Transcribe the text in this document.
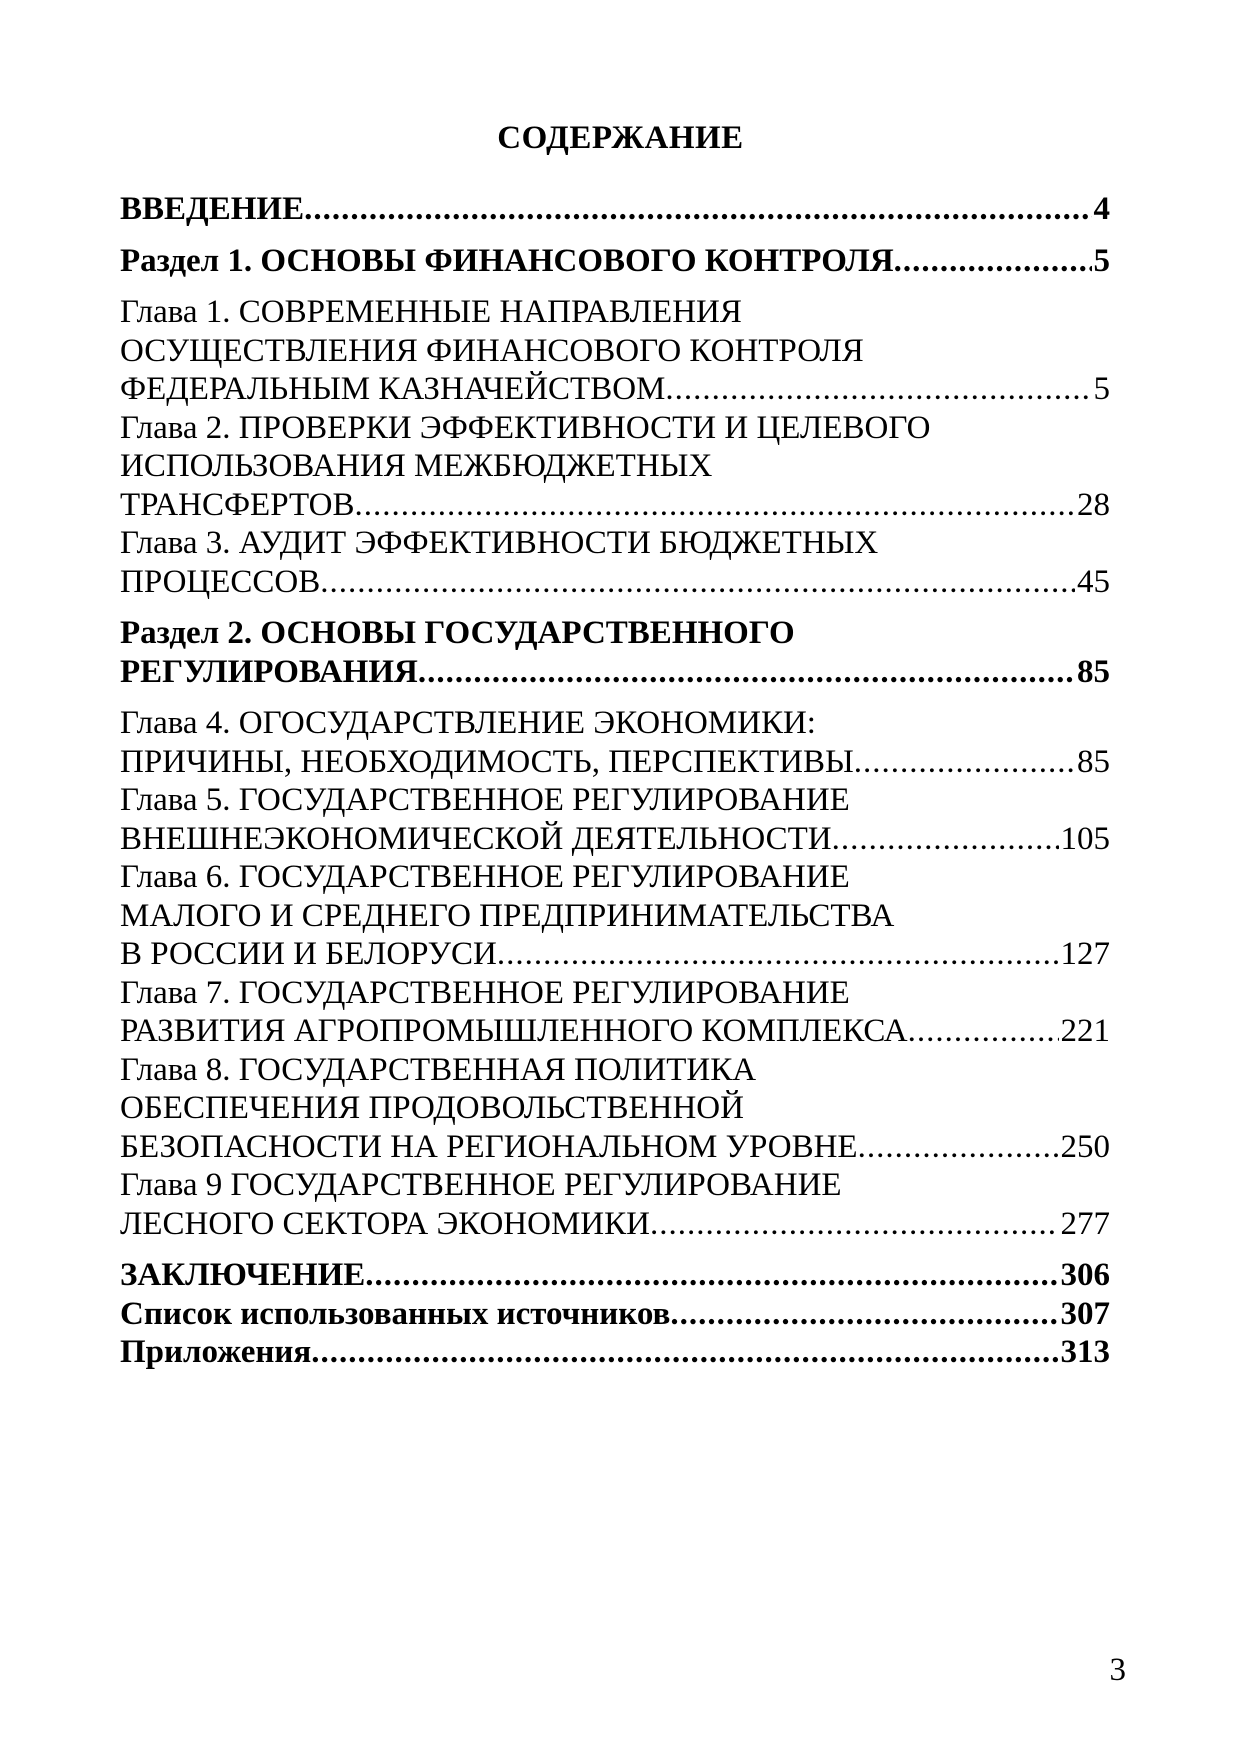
СОДЕРЖАНИЕ
ВВЕДЕНИЕ .....	4
Раздел 1. ОСНОВЫ ФИНАНСОВОГО КОНТРОЛЯ .....	5
Глава 1. СОВРЕМЕННЫЕ НАПРАВЛЕНИЯ
ОСУЩЕСТВЛЕНИЯ ФИНАНСОВОГО КОНТРОЛЯ
ФЕДЕРАЛЬНЫМ КАЗНАЧЕЙСТВОМ .....	5
Глава 2. ПРОВЕРКИ ЭФФЕКТИВНОСТИ И ЦЕЛЕВОГО
ИСПОЛЬЗОВАНИЯ МЕЖБЮДЖЕТНЫХ
ТРАНСФЕРТОВ .....	28
Глава 3. АУДИТ ЭФФЕКТИВНОСТИ БЮДЖЕТНЫХ
ПРОЦЕССОВ .....	45
Раздел 2. ОСНОВЫ ГОСУДАРСТВЕННОГО
РЕГУЛИРОВАНИЯ .....	85
Глава 4. ОГОСУДАРСТВЛЕНИЕ ЭКОНОМИКИ:
ПРИЧИНЫ, НЕОБХОДИМОСТЬ, ПЕРСПЕКТИВЫ .....	85
Глава 5. ГОСУДАРСТВЕННОЕ РЕГУЛИРОВАНИЕ
ВНЕШНЕЭКОНОМИЧЕСКОЙ ДЕЯТЕЛЬНОСТИ .....	105
Глава 6. ГОСУДАРСТВЕННОЕ РЕГУЛИРОВАНИЕ
МАЛОГО И СРЕДНЕГО ПРЕДПРИНИМАТЕЛЬСТВА
В РОССИИ И БЕЛОРУСИ .....	127
Глава 7. ГОСУДАРСТВЕННОЕ РЕГУЛИРОВАНИЕ
РАЗВИТИЯ АГРОПРОМЫШЛЕННОГО КОМПЛЕКСА .....	221
Глава 8. ГОСУДАРСТВЕННАЯ ПОЛИТИКА
ОБЕСПЕЧЕНИЯ ПРОДОВОЛЬСТВЕННОЙ
БЕЗОПАСНОСТИ НА РЕГИОНАЛЬНОМ УРОВНЕ .....	250
Глава 9 ГОСУДАРСТВЕННОЕ РЕГУЛИРОВАНИЕ
ЛЕСНОГО СЕКТОРА ЭКОНОМИКИ .....	277
ЗАКЛЮЧЕНИЕ .....	306
Список использованных источников .....	307
Приложения .....	313
3
